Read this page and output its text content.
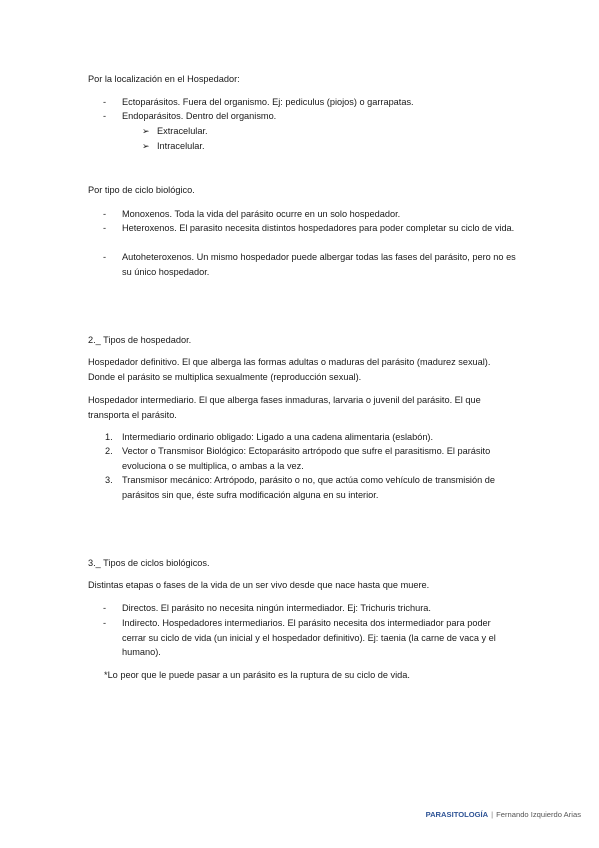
Por la localización en el Hospedador:
- Ectoparásitos. Fuera del organismo. Ej: pediculus (piojos) o garrapatas.
- Endoparásitos. Dentro del organismo.
➢ Extracelular.
➢ Intracelular.
Por tipo de ciclo biológico.
- Monoxenos. Toda la vida del parásito ocurre en un solo hospedador.
- Heteroxenos. El parasito necesita distintos hospedadores para poder completar su ciclo de vida.
- Autoheteroxenos. Un mismo hospedador puede albergar todas las fases del parásito, pero no es su único hospedador.
2._ Tipos de hospedador.
Hospedador definitivo. El que alberga las formas adultas o maduras del parásito (madurez sexual). Donde el parásito se multiplica sexualmente (reproducción sexual).
Hospedador intermediario. El que alberga fases inmaduras, larvaria o juvenil del parásito. El que transporta el parásito.
1. Intermediario ordinario obligado: Ligado a una cadena alimentaria (eslabón).
2. Vector o Transmisor Biológico: Ectoparásito artrópodo que sufre el parasitismo. El parásito evoluciona o se multiplica, o ambas a la vez.
3. Transmisor mecánico: Artrópodo, parásito o no, que actúa como vehículo de transmisión de parásitos sin que, éste sufra modificación alguna en su interior.
3._ Tipos de ciclos biológicos.
Distintas etapas o fases de la vida de un ser vivo desde que nace hasta que muere.
- Directos. El parásito no necesita ningún intermediador. Ej: Trichuris trichura.
- Indirecto. Hospedadores intermediarios. El parásito necesita dos intermediador para poder cerrar su ciclo de vida (un inicial y el hospedador definitivo). Ej: taenia (la carne de vaca y el humano).
*Lo peor que le puede pasar a un parásito es la ruptura de su ciclo de vida.
PARASITOLOGÍA | Fernando Izquierdo Arias
